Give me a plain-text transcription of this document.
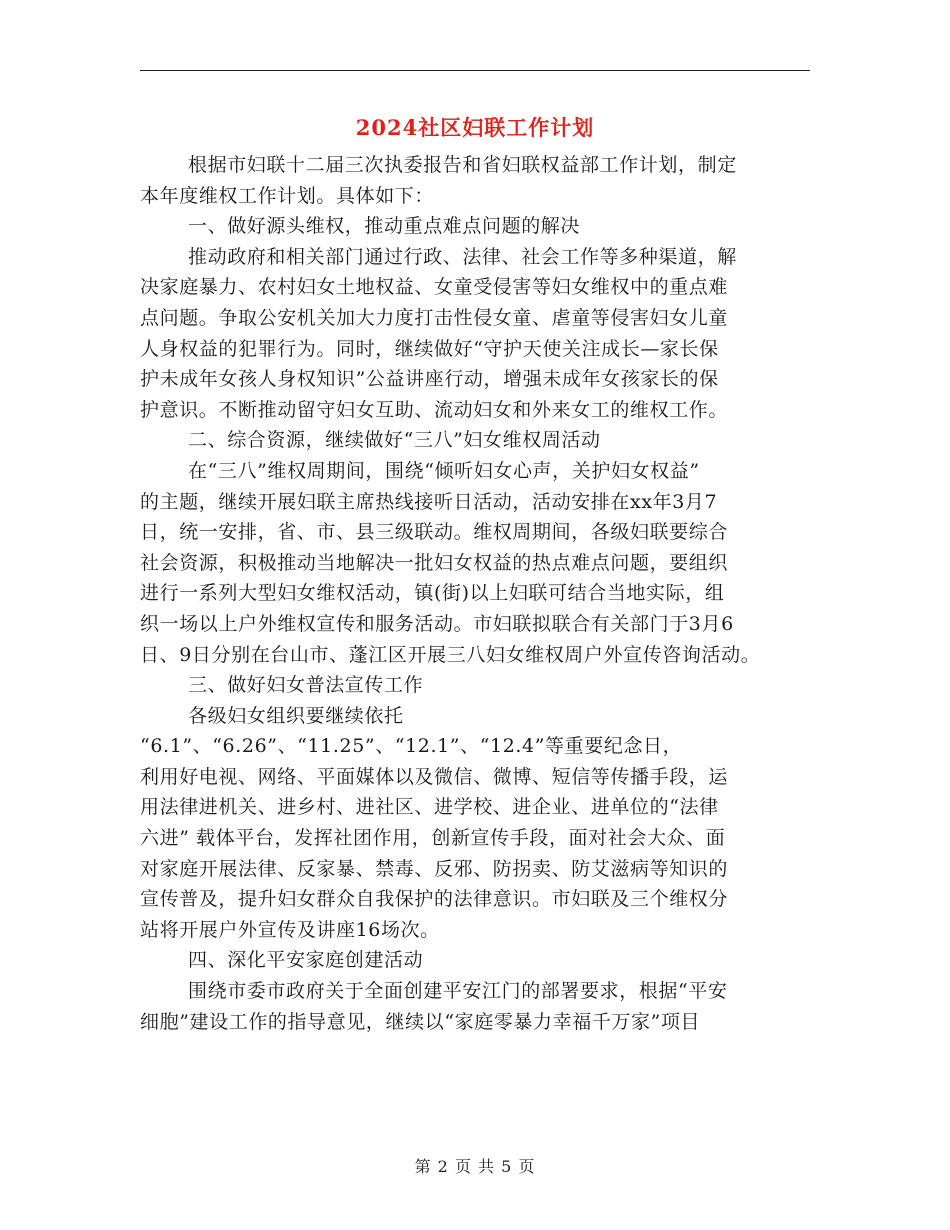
2024社区妇联工作计划
根据市妇联十二届三次执委报告和省妇联权益部工作计划，制定
本年度维权工作计划。具体如下：
一、做好源头维权，推动重点难点问题的解决
推动政府和相关部门通过行政、法律、社会工作等多种渠道，解
决家庭暴力、农村妇女土地权益、女童受侵害等妇女维权中的重点难
点问题。争取公安机关加大力度打击性侵女童、虐童等侵害妇女儿童
人身权益的犯罪行为。同时，继续做好“守护天使关注成长—家长保
护未成年女孩人身权知识”公益讲座行动，增强未成年女孩家长的保
护意识。不断推动留守妇女互助、流动妇女和外来女工的维权工作。
二、综合资源，继续做好“三八”妇女维权周活动
在“三八”维权周期间，围绕“倾听妇女心声，关护妇女权益”
的主题，继续开展妇联主席热线接听日活动，活动安排在xx年3月7
日，统一安排，省、市、县三级联动。维权周期间，各级妇联要综合
社会资源，积极推动当地解决一批妇女权益的热点难点问题，要组织
进行一系列大型妇女维权活动，镇(街)以上妇联可结合当地实际，组
织一场以上户外维权宣传和服务活动。市妇联拟联合有关部门于3月6
日、9日分别在台山市、蓬江区开展三八妇女维权周户外宣传咨询活动。
三、做好妇女普法宣传工作
各级妇女组织要继续依托
“6.1”、“6.26”、“11.25”、“12.1”、“12.4”等重要纪念日，
利用好电视、网络、平面媒体以及微信、微博、短信等传播手段，运
用法律进机关、进乡村、进社区、进学校、进企业、进单位的“法律
六进” 载体平台，发挥社团作用，创新宣传手段，面对社会大众、面
对家庭开展法律、反家暴、禁毒、反邪、防拐卖、防艾滋病等知识的
宣传普及，提升妇女群众自我保护的法律意识。市妇联及三个维权分
站将开展户外宣传及讲座16场次。
四、深化平安家庭创建活动
围绕市委市政府关于全面创建平安江门的部署要求，根据“平安
细胞”建设工作的指导意见，继续以“家庭零暴力幸福千万家”项目
第 2 页 共 5 页
